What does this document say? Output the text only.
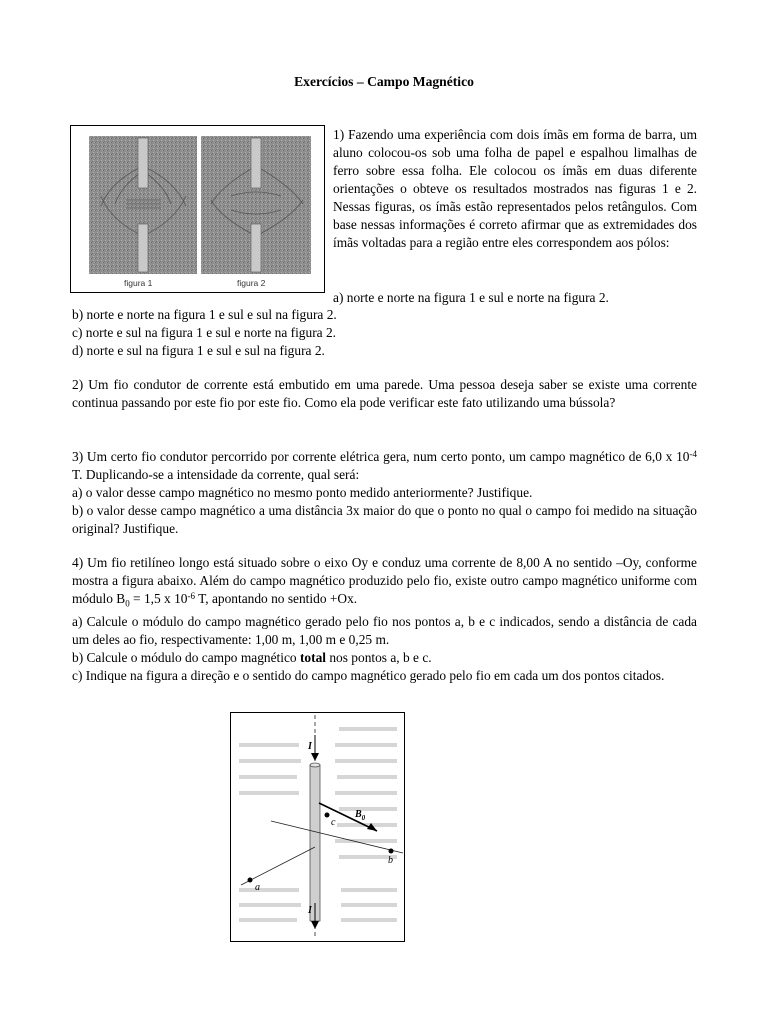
Exercícios – Campo Magnético
figura 1	figura 2
1) Fazendo uma experiência com dois ímãs em forma de barra, um aluno colocou-os sob uma folha de papel e espalhou limalhas de ferro sobre essa folha. Ele colocou os ímãs em duas diferente orientações o obteve os resultados mostrados nas figuras 1 e 2. Nessas figuras, os ímãs estão representados pelos retângulos. Com base nessas informações é correto afirmar que as extremidades dos ímãs voltadas para a região entre eles correspondem aos pólos:
a) norte e norte na figura 1 e sul e norte na figura 2.
b) norte e norte na figura 1 e sul e sul na figura 2.
c) norte e sul na figura 1 e sul e norte na figura 2.
d) norte e sul na figura 1 e sul e sul na figura 2.

2) Um fio condutor de corrente está embutido em uma parede. Uma pessoa deseja saber se existe uma corrente continua passando por este fio por este fio. Como ela pode verificar este fato utilizando uma bússola?

3) Um certo fio condutor percorrido por corrente elétrica gera, num certo ponto, um campo magnético de 6,0 x $10^{-4}$ T. Duplicando-se a intensidade da corrente, qual será:

a) o valor desse campo magnético no mesmo ponto medido anteriormente? Justifique.

b) o valor desse campo magnético a uma distância 3x maior do que o ponto no qual o campo foi medido na situação original? Justifique.

4) Um fio retilíneo longo está situado sobre o eixo Oy e conduz uma corrente de 8,00 A no sentido –Oy, conforme mostra a figura abaixo. Além do campo magnético produzido pelo fio, existe outro campo magnético uniforme com módulo $B_0 = 1,5$ x $10^{-6}$ T, apontando no sentido +Ox.

a) Calcule o módulo do campo magnético gerado pelo fio nos pontos a, b e c indicados, sendo a distância de cada um deles ao fio, respectivamente: 1,00 m, 1,00 m e 0,25 m.

b) Calcule o módulo do campo magnético total nos pontos a, b e c.

c) Indique na figura a direção e o sentido do campo magnético gerado pelo fio em cada um dos pontos citados.

I
I
$B_0$
c
b
a
